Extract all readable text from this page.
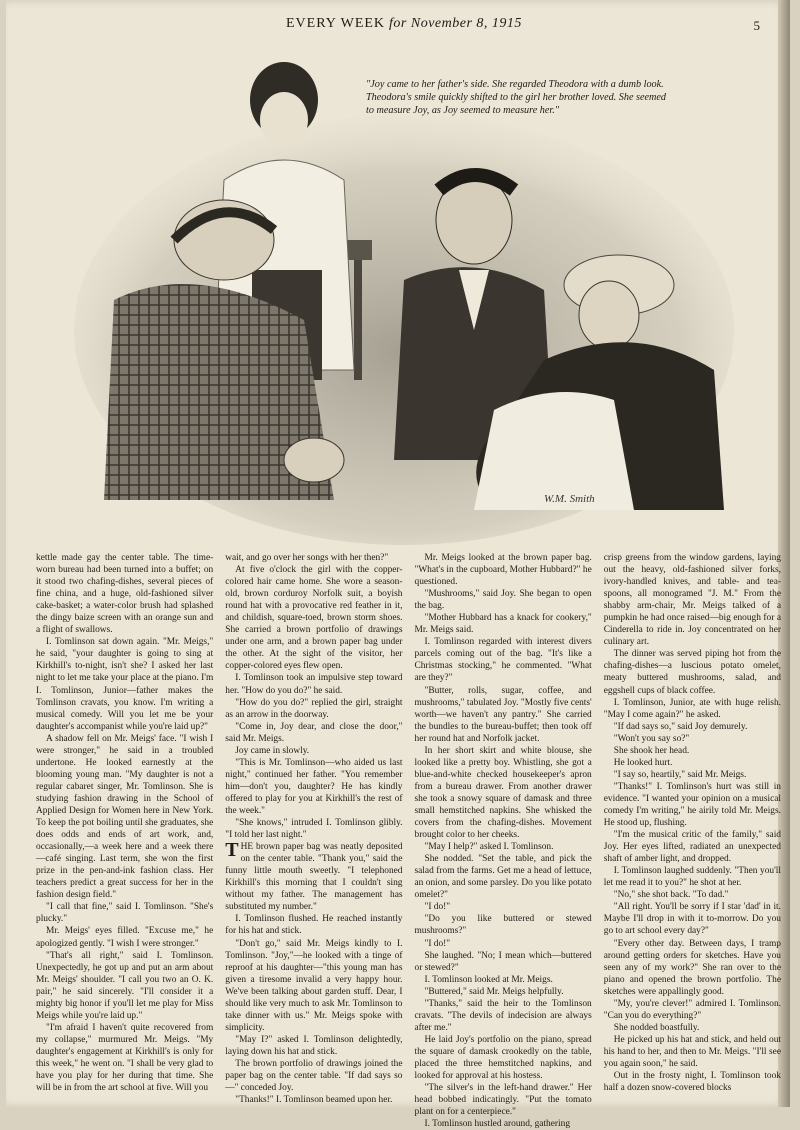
EVERY WEEK for November 8, 1915	5
W.M. Smith
"Joy came to her father's side. She regarded Theodora with a dumb look. Theodora's smile quickly shifted to the girl her brother loved. She seemed to measure Joy, as Joy seemed to measure her."

kettle made gay the center table. The time-worn bureau had been turned into a buffet; on it stood two chafing-dishes, several pieces of fine china, and a huge, old-fashioned silver cake-basket; a water-color brush had splashed the dingy baize screen with an orange sun and a flight of swallows.

I. Tomlinson sat down again. "Mr. Meigs," he said, "your daughter is going to sing at Kirkhill's to-night, isn't she? I asked her last night to let me take your place at the piano. I'm I. Tomlinson, Junior—father makes the Tomlinson cravats, you know. I'm writing a musical comedy. Will you let me be your daughter's accompanist while you're laid up?"

A shadow fell on Mr. Meigs' face. "I wish I were stronger," he said in a troubled undertone. He looked earnestly at the blooming young man. "My daughter is not a regular cabaret singer, Mr. Tomlinson. She is studying fashion drawing in the School of Applied Design for Women here in New York. To keep the pot boiling until she graduates, she does odds and ends of art work, and, occasionally,—a week here and a week there—café singing. Last term, she won the first prize in the pen-and-ink fashion class. Her teachers predict a great success for her in the fashion design field."

"I call that fine," said I. Tomlinson. "She's plucky."

Mr. Meigs' eyes filled. "Excuse me," he apologized gently. "I wish I were stronger."

"That's all right," said I. Tomlinson. Unexpectedly, he got up and put an arm about Mr. Meigs' shoulder. "I call you two an O. K. pair," he said sincerely. "I'll consider it a mighty big honor if you'll let me play for Miss Meigs while you're laid up."

"I'm afraid I haven't quite recovered from my collapse," murmured Mr. Meigs. "My daughter's engagement at Kirkhill's is only for this week," he went on. "I shall be very glad to have you play for her during that time. She will be in from the art school at five. Will you

wait, and go over her songs with her then?"

At five o'clock the girl with the copper-colored hair came home. She wore a season-old, brown corduroy Norfolk suit, a boyish round hat with a provocative red feather in it, and childish, square-toed, brown storm shoes. She carried a brown portfolio of drawings under one arm, and a brown paper bag under the other. At the sight of the visitor, her copper-colored eyes flew open.

I. Tomlinson took an impulsive step toward her. "How do you do?" he said.

"How do you do?" replied the girl, straight as an arrow in the doorway.

"Come in, Joy dear, and close the door," said Mr. Meigs.

Joy came in slowly.

"This is Mr. Tomlinson—who aided us last night," continued her father. "You remember him—don't you, daughter? He has kindly offered to play for you at Kirkhill's the rest of the week."

"She knows," intruded I. Tomlinson glibly. "I told her last night."

THE brown paper bag was neatly deposited on the center table. "Thank you," said the funny little mouth sweetly. "I telephoned Kirkhill's this morning that I couldn't sing without my father. The management has substituted my number."

I. Tomlinson flushed. He reached instantly for his hat and stick.

"Don't go," said Mr. Meigs kindly to I. Tomlinson. "Joy,"—he looked with a tinge of reproof at his daughter—"this young man has given a tiresome invalid a very happy hour. We've been talking about garden stuff. Dear, I should like very much to ask Mr. Tomlinson to take dinner with us." Mr. Meigs spoke with simplicity.

"May I?" asked I. Tomlinson delightedly, laying down his hat and stick.

The brown portfolio of drawings joined the paper bag on the center table. "If dad says so—" conceded Joy.

"Thanks!" I. Tomlinson beamed upon her.

Mr. Meigs looked at the brown paper bag. "What's in the cupboard, Mother Hubbard?" he questioned.

"Mushrooms," said Joy. She began to open the bag.

"Mother Hubbard has a knack for cookery," Mr. Meigs said.

I. Tomlinson regarded with interest divers parcels coming out of the bag. "It's like a Christmas stocking," he commented. "What are they?"

"Butter, rolls, sugar, coffee, and mushrooms," tabulated Joy. "Mostly five cents' worth—we haven't any pantry." She carried the bundles to the bureau-buffet; then took off her round hat and Norfolk jacket.

In her short skirt and white blouse, she looked like a pretty boy. Whistling, she got a blue-and-white checked housekeeper's apron from a bureau drawer. From another drawer she took a snowy square of damask and three small hemstitched napkins. She whisked the covers from the chafing-dishes. Movement brought color to her cheeks.

"May I help?" asked I. Tomlinson.

She nodded. "Set the table, and pick the salad from the farms. Get me a head of lettuce, an onion, and some parsley. Do you like potato omelet?"

"I do!"

"Do you like buttered or stewed mushrooms?"

"I do!"

She laughed. "No; I mean which—buttered or stewed?"

I. Tomlinson looked at Mr. Meigs.

"Buttered," said Mr. Meigs helpfully.

"Thanks," said the heir to the Tomlinson cravats. "The devils of indecision are always after me."

He laid Joy's portfolio on the piano, spread the square of damask crookedly on the table, placed the three hemstitched napkins, and looked for approval at his hostess.

"The silver's in the left-hand drawer." Her head bobbed indicatingly. "Put the tomato plant on for a centerpiece."

I. Tomlinson hustled around, gathering

crisp greens from the window gardens, laying out the heavy, old-fashioned silver forks, ivory-handled knives, and table- and tea-spoons, all monogramed "J. M." From the shabby arm-chair, Mr. Meigs talked of a pumpkin he had once raised—big enough for a Cinderella to ride in. Joy concentrated on her culinary art.

The dinner was served piping hot from the chafing-dishes—a luscious potato omelet, meaty buttered mushrooms, salad, and eggshell cups of black coffee.

I. Tomlinson, Junior, ate with huge relish. "May I come again?" he asked.

"If dad says so," said Joy demurely.

"Won't you say so?"

She shook her head.

He looked hurt.

"I say so, heartily," said Mr. Meigs.

"Thanks!" I. Tomlinson's hurt was still in evidence. "I wanted your opinion on a musical comedy I'm writing," he airily told Mr. Meigs. He stood up, flushing.

"I'm the musical critic of the family," said Joy. Her eyes lifted, radiated an unexpected shaft of amber light, and dropped.

I. Tomlinson laughed suddenly. "Then you'll let me read it to you?" he shot at her.

"No," she shot back. "To dad."

"All right. You'll be sorry if I star 'dad' in it. Maybe I'll drop in with it to-morrow. Do you go to art school every day?"

"Every other day. Between days, I tramp around getting orders for sketches. Have you seen any of my work?" She ran over to the piano and opened the brown portfolio. The sketches were appallingly good.

"My, you're clever!" admired I. Tomlinson. "Can you do everything?"

She nodded boastfully.

He picked up his hat and stick, and held out his hand to her, and then to Mr. Meigs. "I'll see you again soon," he said.

Out in the frosty night, I. Tomlinson took half a dozen snow-covered blocks
